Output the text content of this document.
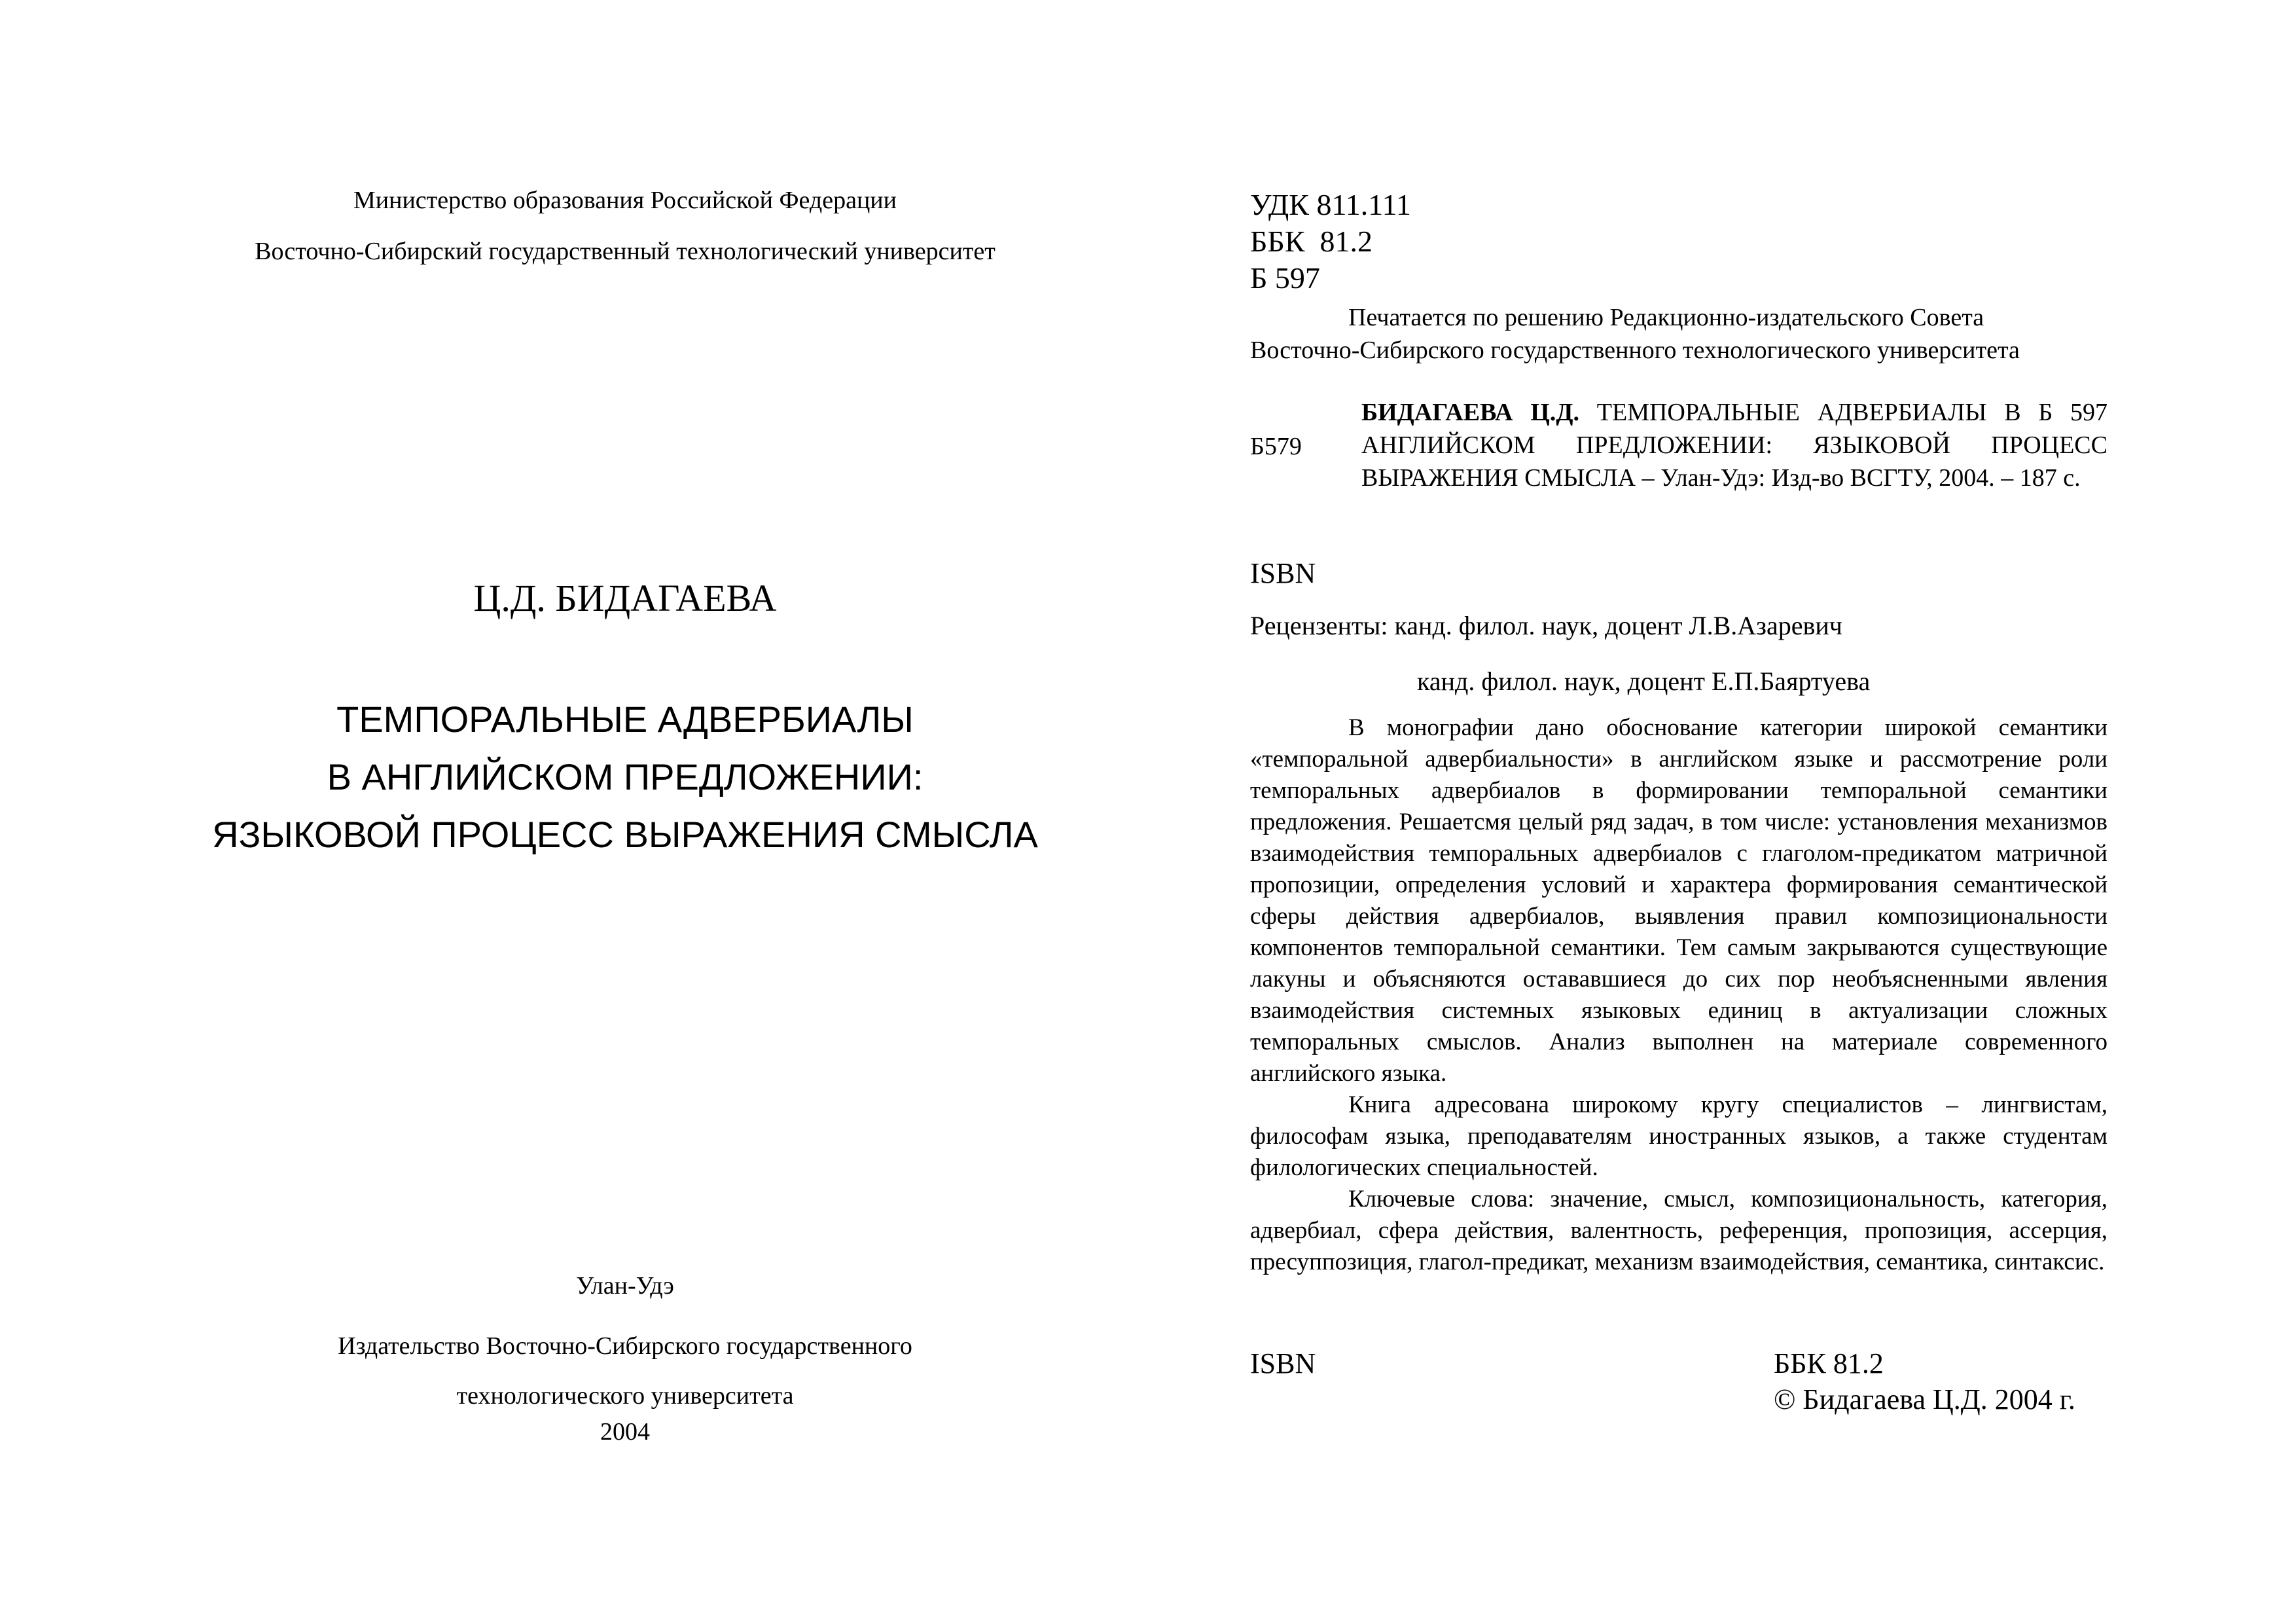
Министерство образования Российской Федерации
Восточно-Сибирский государственный технологический университет
Ц.Д. БИДАГАЕВА
ТЕМПОРАЛЬНЫЕ АДВЕРБИАЛЫ
В АНГЛИЙСКОМ ПРЕДЛОЖЕНИИ:
ЯЗЫКОВОЙ ПРОЦЕСС ВЫРАЖЕНИЯ СМЫСЛА
Улан-Удэ
Издательство Восточно-Сибирского государственного
технологического университета
2004
УДК 811.111
ББК  81.2
Б 597
Печатается по решению Редакционно-издательского Совета
Восточно-Сибирского государственного технологического университета
Б579
БИДАГАЕВА Ц.Д. ТЕМПОРАЛЬНЫЕ АДВЕРБИАЛЫ В Б 597 АНГЛИЙСКОМ ПРЕДЛОЖЕНИИ: ЯЗЫКОВОЙ ПРОЦЕСС ВЫРАЖЕНИЯ СМЫСЛА – Улан-Удэ: Изд-во ВСГТУ, 2004. – 187 с.
ISBN
Рецензенты: канд. филол. наук, доцент Л.В.Азаревич
канд. филол. наук, доцент Е.П.Баяртуева

В монографии дано обоснование категории широкой семантики «темпоральной адвербиальности» в английском языке и рассмотрение роли темпоральных адвербиалов в формировании темпоральной семантики предложения. Решаетсмя целый ряд задач, в том числе: установления механизмов взаимодействия темпоральных адвербиалов с глаголом-предикатом матричной пропозиции, определения условий и характера формирования семантической сферы действия адвербиалов, выявления правил композициональности компонентов темпоральной семантики. Тем самым закрываются существующие лакуны и объясняются остававшиеся до сих пор необъясненными явления взаимодействия системных языковых единиц в актуализации сложных темпоральных смыслов. Анализ выполнен на материале современного английского языка.

Книга адресована широкому кругу специалистов – лингвистам, философам языка, преподавателям иностранных языков, а также студентам филологических специальностей.

Ключевые слова: значение, смысл, композициональность, категория, адвербиал, сфера действия, валентность, референция, пропозиция, ассерция, пресуппозиция, глагол-предикат, механизм взаимодействия, семантика, синтаксис.

ISBN	ББК 81.2
© Бидагаева Ц.Д. 2004 г.
